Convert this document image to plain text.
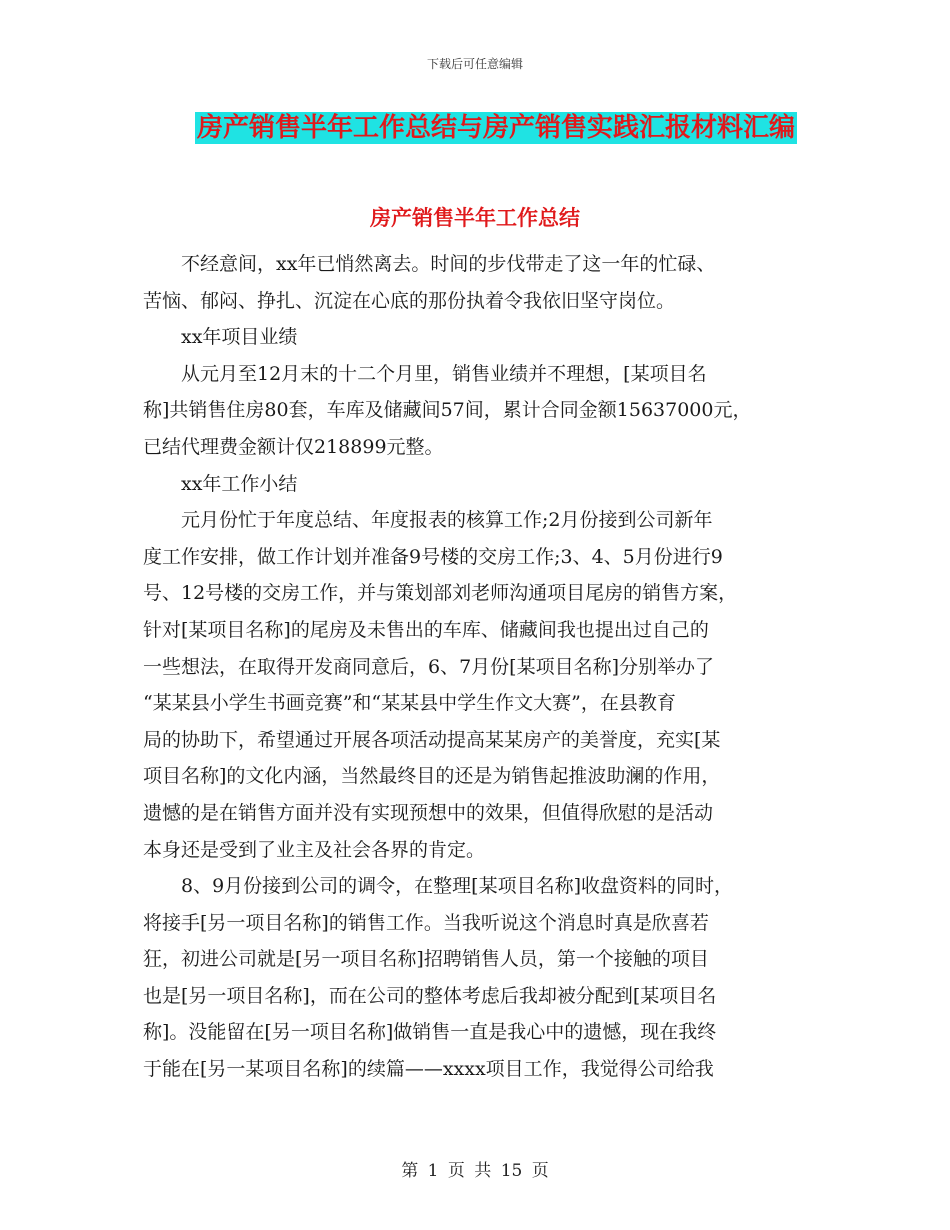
下载后可任意编辑
房产销售半年工作总结与房产销售实践汇报材料汇编
房产销售半年工作总结

不经意间，xx年已悄然离去。时间的步伐带走了这一年的忙碌、
苦恼、郁闷、挣扎、沉淀在心底的那份执着令我依旧坚守岗位。

xx年项目业绩

从元月至12月末的十二个月里，销售业绩并不理想，[某项目名
称]共销售住房80套，车库及储藏间57间，累计合同金额15637000元，
已结代理费金额计仅218899元整。

xx年工作小结

元月份忙于年度总结、年度报表的核算工作;2月份接到公司新年
度工作安排，做工作计划并准备9号楼的交房工作;3、4、5月份进行9
号、12号楼的交房工作，并与策划部刘老师沟通项目尾房的销售方案，
针对[某项目名称]的尾房及未售出的车库、储藏间我也提出过自己的
一些想法，在取得开发商同意后，6、7月份[某项目名称]分别举办了
“某某县小学生书画竞赛”和“某某县中学生作文大赛”，在县教育
局的协助下，希望通过开展各项活动提高某某房产的美誉度，充实[某
项目名称]的文化内涵，当然最终目的还是为销售起推波助澜的作用，
遗憾的是在销售方面并没有实现预想中的效果，但值得欣慰的是活动
本身还是受到了业主及社会各界的肯定。

8、9月份接到公司的调令，在整理[某项目名称]收盘资料的同时，
将接手[另一项目名称]的销售工作。当我听说这个消息时真是欣喜若
狂，初进公司就是[另一项目名称]招聘销售人员，第一个接触的项目
也是[另一项目名称]，而在公司的整体考虑后我却被分配到[某项目名
称]。没能留在[另一项目名称]做销售一直是我心中的遗憾，现在我终
于能在[另一某项目名称]的续篇——xxxx项目工作，我觉得公司给我

第 1 页 共 15 页
